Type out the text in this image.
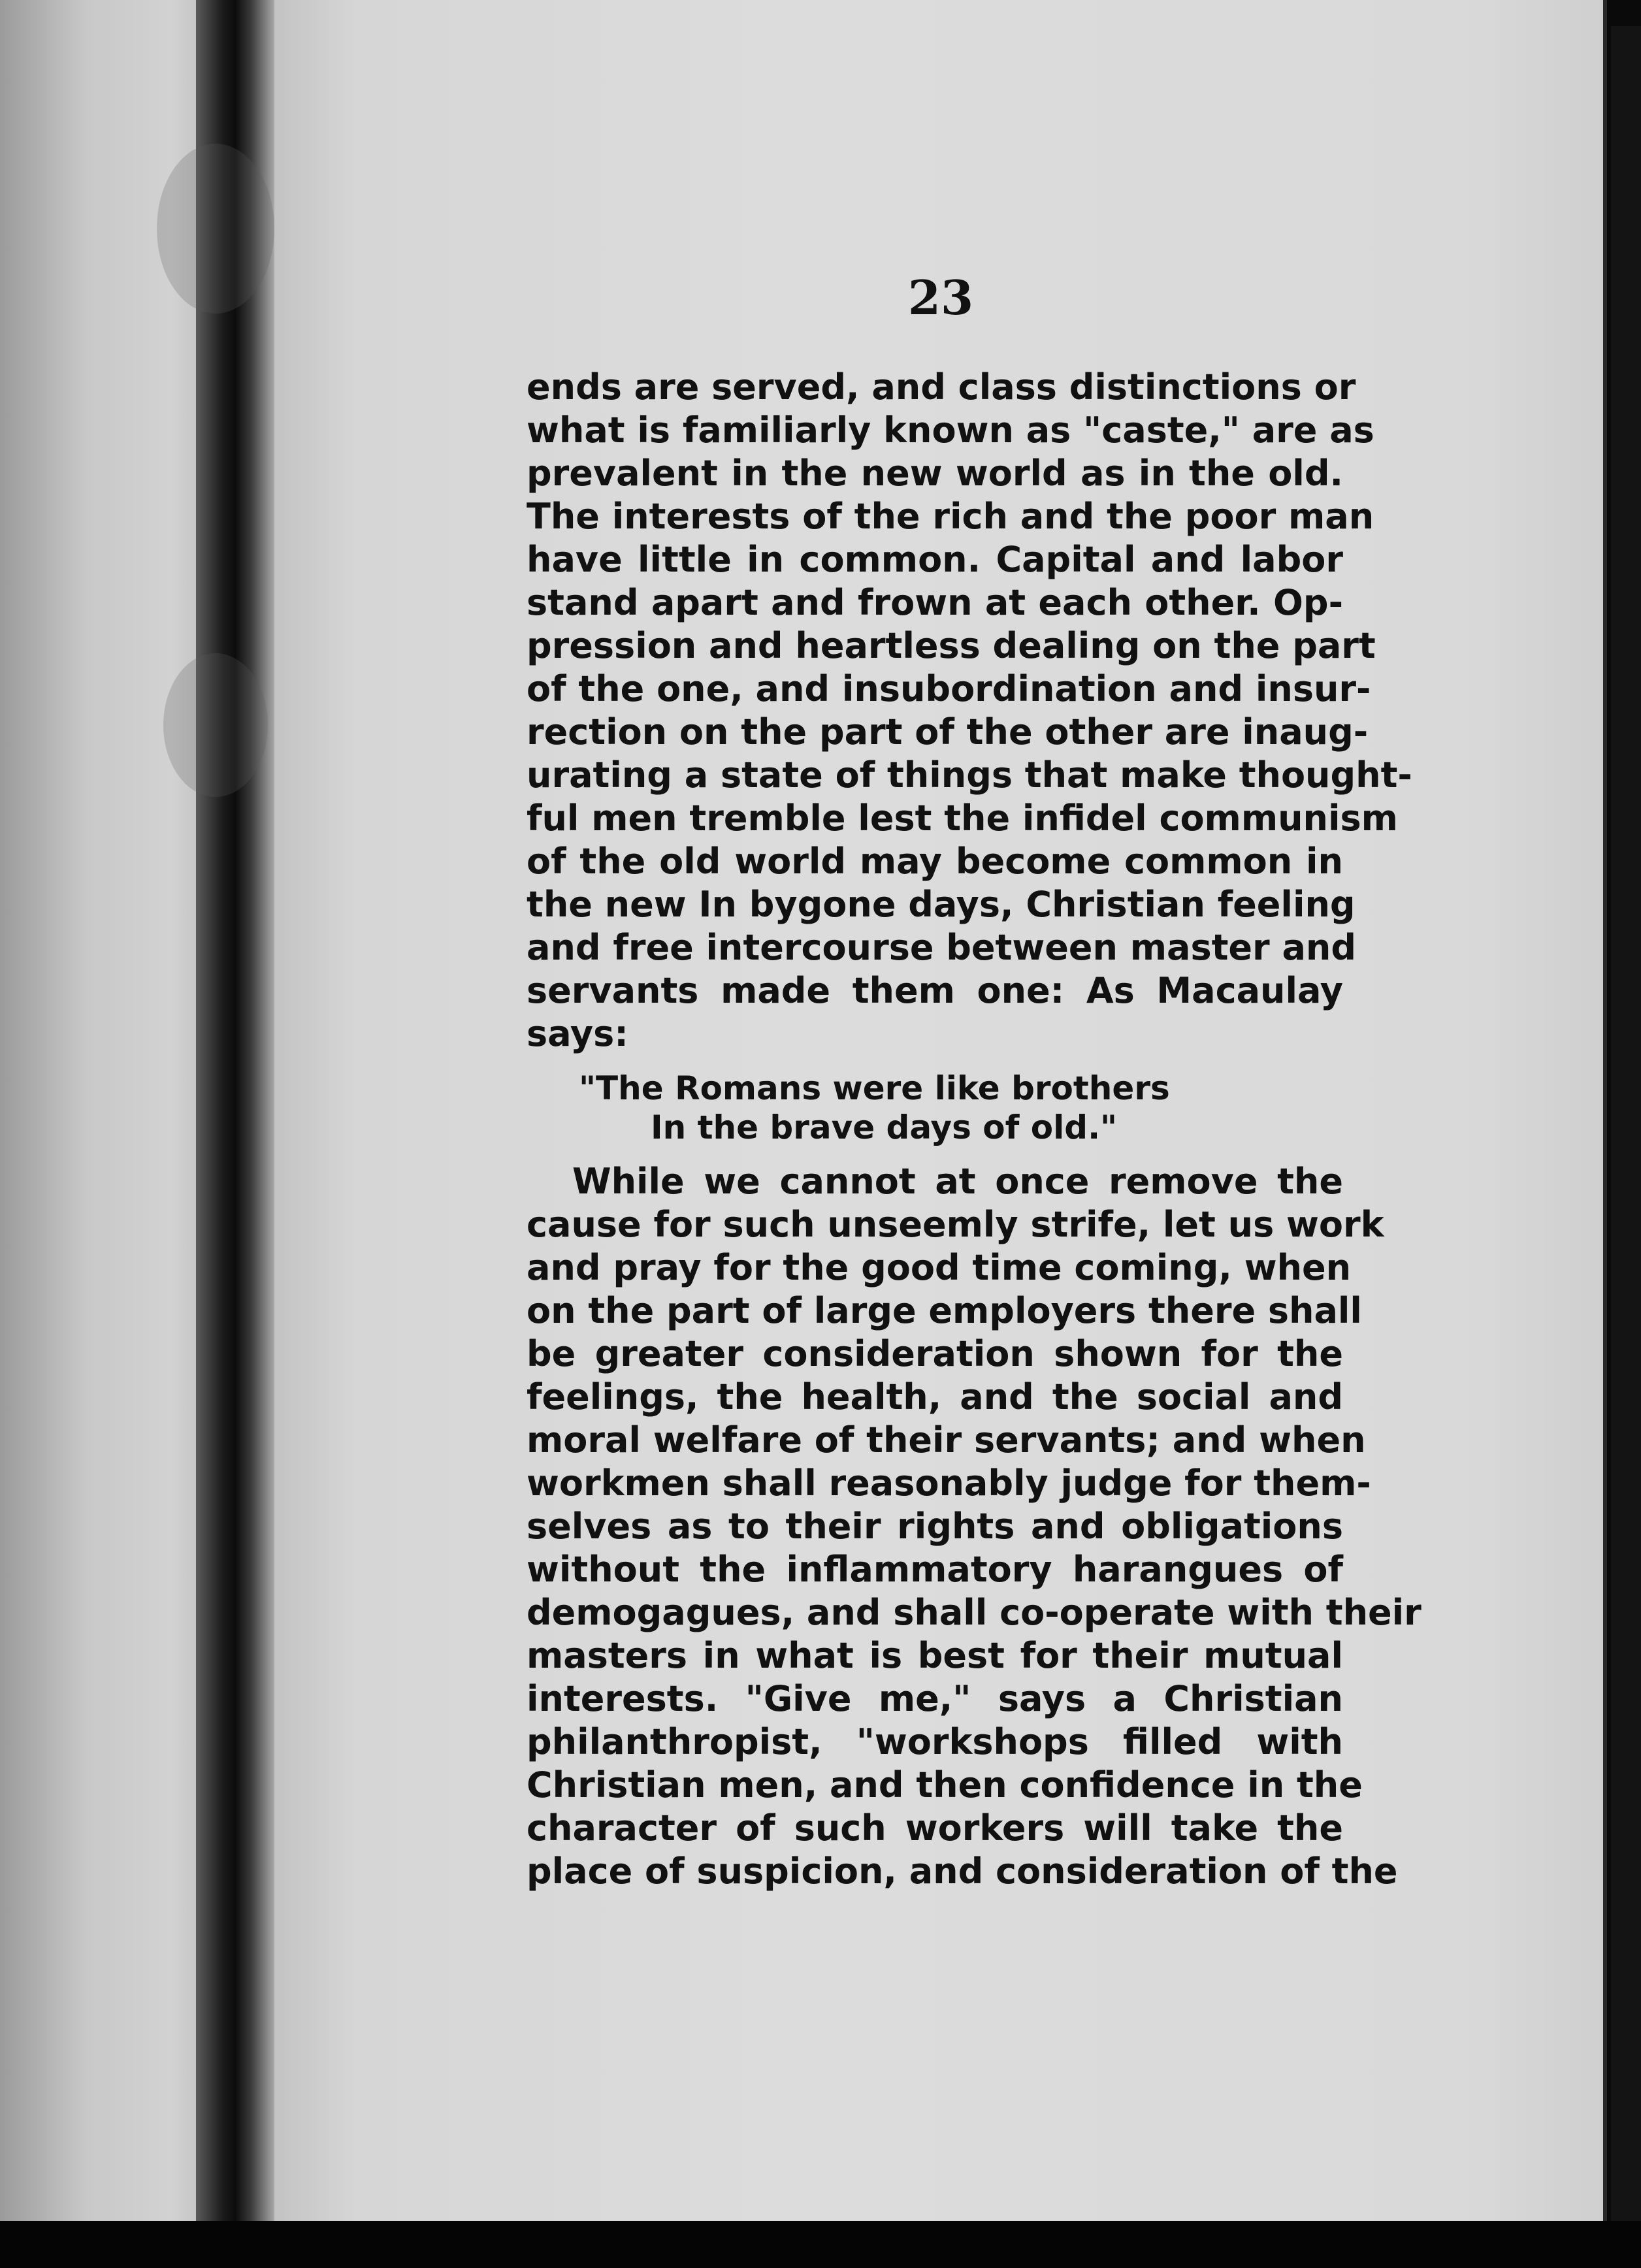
23
ends are served, and class distinctions or
what is familiarly known as "caste," are as
prevalent in the new world as in the old.
The interests of the rich and the poor man
have little in common. Capital and labor
stand apart and frown at each other. Op-
pression and heartless dealing on the part
of the one, and insubordination and insur-
rection on the part of the other are inaug-
urating a state of things that make thought-
ful men tremble lest the infidel communism
of the old world may become common in
the new In bygone days, Christian feeling
and free intercourse between master and
servants made them one: As Macaulay
says:
"The Romans were like brothers
In the brave days of old."
While we cannot at once remove the
cause for such unseemly strife, let us work
and pray for the good time coming, when
on the part of large employers there shall
be greater consideration shown for the
feelings, the health, and the social and
moral welfare of their servants; and when
workmen shall reasonably judge for them-
selves as to their rights and obligations
without the inflammatory harangues of
demogagues, and shall co-operate with their
masters in what is best for their mutual
interests. "Give me," says a Christian
philanthropist, "workshops filled with
Christian men, and then confidence in the
character of such workers will take the
place of suspicion, and consideration of the
